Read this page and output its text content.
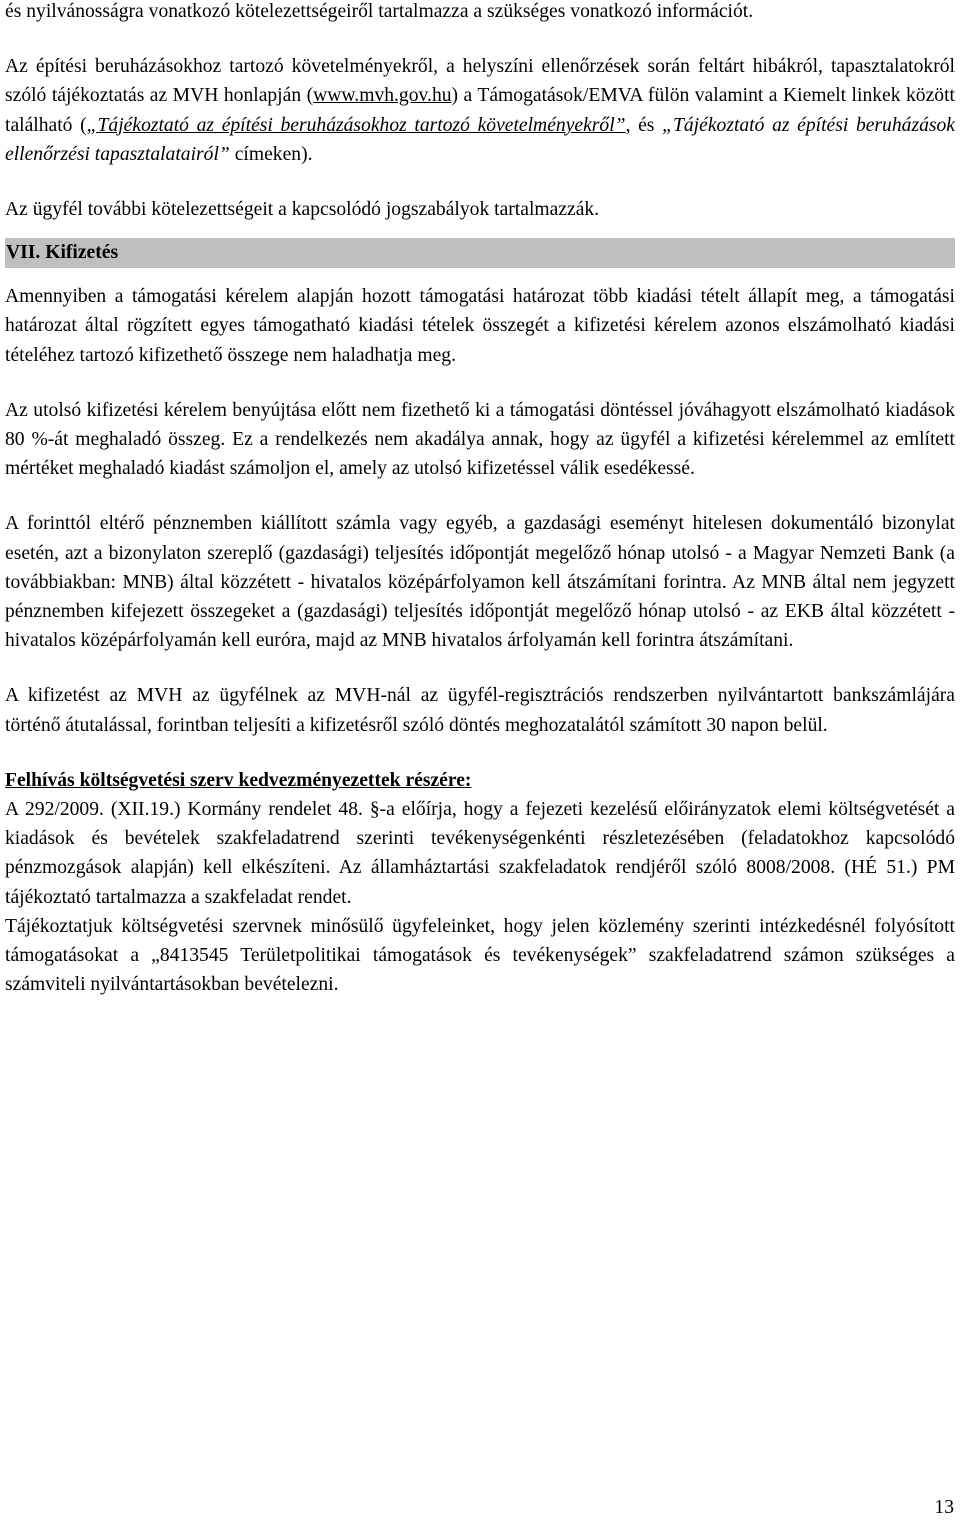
és nyilvánosságra vonatkozó kötelezettségeiről tartalmazza a szükséges vonatkozó információt.

Az építési beruházásokhoz tartozó követelményekről, a helyszíni ellenőrzések során feltárt hibákról, tapasztalatokról szóló tájékoztatás az MVH honlapján (www.mvh.gov.hu) a Támogatások/EMVA fülön valamint a Kiemelt linkek között található („Tájékoztató az építési beruházásokhoz tartozó követelményekről”, és „Tájékoztató az építési beruházások ellenőrzési tapasztalatairól” címeken).

Az ügyfél további kötelezettségeit a kapcsolódó jogszabályok tartalmazzák.

VII. Kifizetés

Amennyiben a támogatási kérelem alapján hozott támogatási határozat több kiadási tételt állapít meg, a támogatási határozat által rögzített egyes támogatható kiadási tételek összegét a kifizetési kérelem azonos elszámolható kiadási tételéhez tartozó kifizethető összege nem haladhatja meg.

Az utolsó kifizetési kérelem benyújtása előtt nem fizethető ki a támogatási döntéssel jóváhagyott elszámolható kiadások 80 %-át meghaladó összeg. Ez a rendelkezés nem akadálya annak, hogy az ügyfél a kifizetési kérelemmel az említett mértéket meghaladó kiadást számoljon el, amely az utolsó kifizetéssel válik esedékessé.

A forinttól eltérő pénznemben kiállított számla vagy egyéb, a gazdasági eseményt hitelesen dokumentáló bizonylat esetén, azt a bizonylaton szereplő (gazdasági) teljesítés időpontját megelőző hónap utolsó - a Magyar Nemzeti Bank (a továbbiakban: MNB) által közzétett - hivatalos középárfolyamon kell átszámítani forintra. Az MNB által nem jegyzett pénznemben kifejezett összegeket a (gazdasági) teljesítés időpontját megelőző hónap utolsó - az EKB által közzétett - hivatalos középárfolyamán kell euróra, majd az MNB hivatalos árfolyamán kell forintra átszámítani.

A kifizetést az MVH az ügyfélnek az MVH-nál az ügyfél-regisztrációs rendszerben nyilvántartott bankszámlájára történő átutalással, forintban teljesíti a kifizetésről szóló döntés meghozatalától számított 30 napon belül.

Felhívás költségvetési szerv kedvezményezettek részére:

A 292/2009. (XII.19.) Kormány rendelet 48. §-a előírja, hogy a fejezeti kezelésű előirányzatok elemi költségvetését a kiadások és bevételek szakfeladatrend szerinti tevékenységenkénti részletezésében (feladatokhoz kapcsolódó pénzmozgások alapján) kell elkészíteni. Az államháztartási szakfeladatok rendjéről szóló 8008/2008. (HÉ 51.) PM tájékoztató tartalmazza a szakfeladat rendet.

Tájékoztatjuk költségvetési szervnek minősülő ügyfeleinket, hogy jelen közlemény szerinti intézkedésnél folyósított támogatásokat a „8413545 Területpolitikai támogatások és tevékenységek” szakfeladatrend számon szükséges a számviteli nyilvántartásokban bevételezni.

13
